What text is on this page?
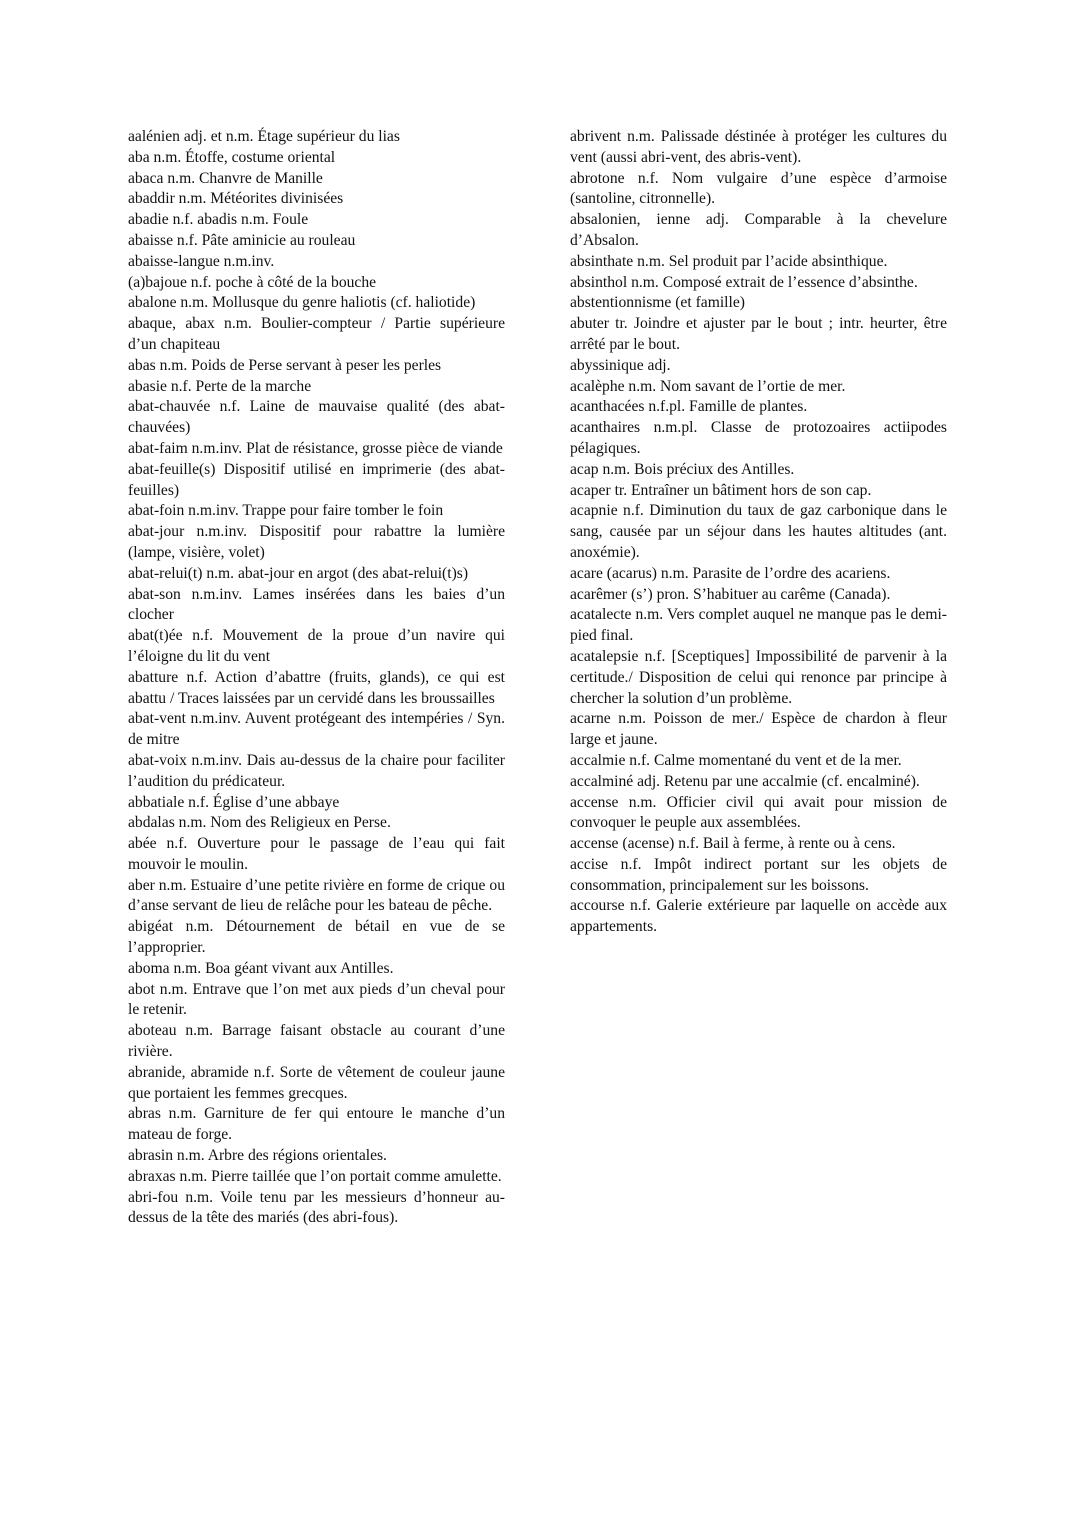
aalénien adj. et n.m. Étage supérieur du lias

aba n.m. Étoffe, costume oriental

abaca n.m. Chanvre de Manille

abaddir n.m. Météorites divinisées

abadie n.f. abadis n.m. Foule

abaisse n.f. Pâte aminicie au rouleau

abaisse-langue n.m.inv.

(a)bajoue n.f. poche à côté de la bouche

abalone n.m. Mollusque du genre haliotis (cf. haliotide)

abaque, abax n.m. Boulier-compteur / Partie supérieure d’un chapiteau

abas n.m. Poids de Perse servant à peser les perles

abasie n.f. Perte de la marche

abat-chauvée n.f. Laine de mauvaise qualité (des abat-chauvées)

abat-faim n.m.inv. Plat de résistance, grosse pièce de viande

abat-feuille(s) Dispositif utilisé en imprimerie (des abat-feuilles)

abat-foin n.m.inv. Trappe pour faire tomber le foin

abat-jour n.m.inv. Dispositif pour rabattre la lumière (lampe, visière, volet)

abat-relui(t) n.m. abat-jour en argot (des abat-relui(t)s)

abat-son n.m.inv. Lames insérées dans les baies d’un clocher

abat(t)ée n.f. Mouvement de la proue d’un navire qui l’éloigne du lit du vent

abatture n.f. Action d’abattre (fruits, glands), ce qui est abattu / Traces laissées par un cervidé dans les broussailles

abat-vent n.m.inv. Auvent protégeant des intempéries / Syn. de mitre

abat-voix n.m.inv. Dais au-dessus de la chaire pour faciliter l’audition du prédicateur.

abbatiale n.f. Église d’une abbaye

abdalas n.m. Nom des Religieux en Perse.

abée n.f. Ouverture pour le passage de l’eau qui fait mouvoir le moulin.

aber n.m. Estuaire d’une petite rivière en forme de crique ou d’anse servant de lieu de relâche pour les bateau de pêche.

abigéat n.m. Détournement de bétail en vue de se l’approprier.

aboma n.m. Boa géant vivant aux Antilles.

abot n.m. Entrave que l’on met aux pieds d’un cheval pour le retenir.

aboteau n.m. Barrage faisant obstacle au courant d’une rivière.

abranide, abramide n.f. Sorte de vêtement de couleur jaune que portaient les femmes grecques.

abras n.m. Garniture de fer qui entoure le manche d’un mateau de forge.

abrasin n.m. Arbre des régions orientales.

abraxas n.m. Pierre taillée que l’on portait comme amulette.

abri-fou n.m. Voile tenu par les messieurs d’honneur au-dessus de la tête des mariés (des abri-fous).

abrivent n.m. Palissade déstinée à protéger les cultures du vent (aussi abri-vent, des abris-vent).

abrotone n.f. Nom vulgaire d’une espèce d’armoise (santoline, citronnelle).

absalonien, ienne adj. Comparable à la chevelure d’Absalon.

absinthate n.m. Sel produit par l’acide absinthique.

absinthol n.m. Composé extrait de l’essence d’absinthe.

abstentionnisme (et famille)

abuter tr. Joindre et ajuster par le bout ; intr. heurter, être arrêté par le bout.

abyssinique adj.

acalèphe n.m. Nom savant de l’ortie de mer.

acanthacées n.f.pl. Famille de plantes.

acanthaires n.m.pl. Classe de protozoaires actiipodes pélagiques.

acap n.m. Bois préciux des Antilles.

acaper tr. Entraîner un bâtiment hors de son cap.

acapnie n.f. Diminution du taux de gaz carbonique dans le sang, causée par un séjour dans les hautes altitudes (ant. anoxémie).

acare (acarus) n.m. Parasite de l’ordre des acariens.

acarêmer (s’) pron. S’habituer au carême (Canada).

acatalecte n.m. Vers complet auquel ne manque pas le demi-pied final.

acatalepsie n.f. [Sceptiques] Impossibilité de parvenir à la certitude./ Disposition de celui qui renonce par principe à chercher la solution d’un problème.

acarne n.m. Poisson de mer./ Espèce de chardon à fleur large et jaune.

accalmie n.f. Calme momentané du vent et de la mer.

accalminé adj. Retenu par une accalmie (cf. encalminé).

accense n.m. Officier civil qui avait pour mission de convoquer le peuple aux assemblées.

accense (acense) n.f. Bail à ferme, à rente ou à cens.

accise n.f. Impôt indirect portant sur les objets de consommation, principalement sur les boissons.

accourse n.f. Galerie extérieure par laquelle on accède aux appartements.
